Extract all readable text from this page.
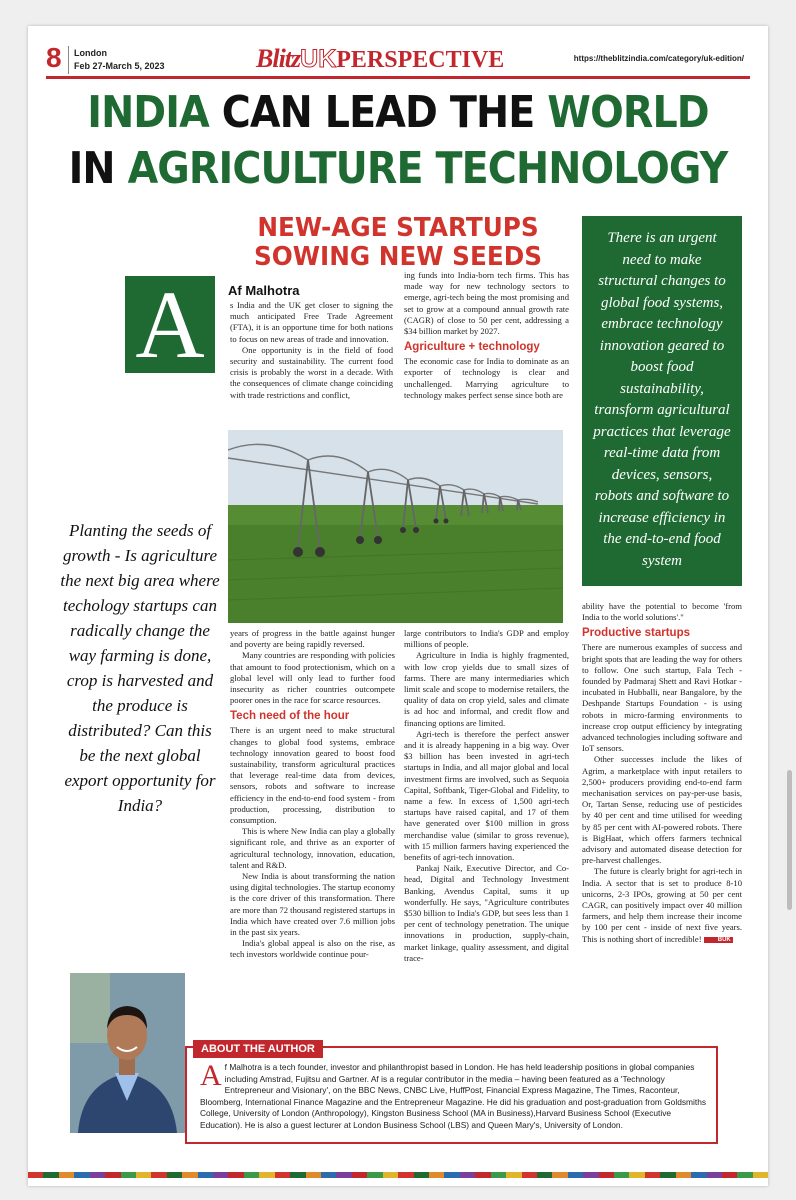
8 London
Feb 27-March 5, 2023	BlitzUKPERSPECTIVE	https://theblitzindia.com/category/uk-edition/
INDIA CAN LEAD THE WORLD
IN AGRICULTURE TECHNOLOGY
NEW-AGE STARTUPS
SOWING NEW SEEDS
A	Af Malhotra

s India and the UK get closer to signing the much anticipated Free Trade Agreement (FTA), it is an opportune time for both nations to focus on new areas of trade and innovation.

One opportunity is in the field of food security and sustainability. The current food crisis is probably the worst in a decade. With the consequences of climate change coinciding with trade restrictions and conflict,

ing funds into India-born tech firms. This has made way for new technology sectors to emerge, agri-tech being the most promising and set to grow at a compound annual growth rate (CAGR) of close to 50 per cent, addressing a $34 billion market by 2027.

Agriculture + technology

The economic case for India to dominate as an exporter of technology is clear and unchallenged. Marrying agriculture to technology makes perfect sense since both are

There is an urgent need to make structural changes to global food systems, embrace technology innovation geared to boost food sustainability, transform agricultural practices that leverage real-time data from devices, sensors, robots and software to increase efficiency in the end-to-end food system
Planting the seeds of growth - Is agriculture the next big area where techology startups can radically change the way farming is done, crop is harvested and the produce is distributed? Can this be the next global export opportunity for India?

years of progress in the battle against hunger and poverty are being rapidly reversed.

Many countries are responding with policies that amount to food protectionism, which on a global level will only lead to further food insecurity as richer countries outcompete poorer ones in the race for scarce resources.

Tech need of the hour

There is an urgent need to make structural changes to global food systems, embrace technology innovation geared to boost food sustainability, transform agricultural practices that leverage real-time data from devices, sensors, robots and software to increase efficiency in the end-to-end food system - from production, processing, distribution to consumption.

This is where New India can play a globally significant role, and thrive as an exporter of agricultural technology, innovation, education, talent and R&D.

New India is about transforming the nation using digital technologies. The startup economy is the core driver of this transformation. There are more than 72 thousand registered startups in India which have created over 7.6 million jobs in the past six years.

India's global appeal is also on the rise, as tech investors worldwide continue pour-

large contributors to India's GDP and employ millions of people.

Agriculture in India is highly fragmented, with low crop yields due to small sizes of farms. There are many intermediaries which limit scale and scope to modernise retailers, the quality of data on crop yield, sales and climate is ad hoc and informal, and credit flow and financing options are limited.

Agri-tech is therefore the perfect answer and it is already happening in a big way. Over $3 billion has been invested in agri-tech startups in India, and all major global and local investment firms are involved, such as Sequoia Capital, Softbank, Tiger-Global and Fidelity, to name a few. In excess of 1,500 agri-tech startups have raised capital, and 17 of them have generated over $100 million in gross merchandise value (similar to gross revenue), with 15 million farmers having experienced the benefits of agri-tech innovation.

Pankaj Naik, Executive Director, and Co-head, Digital and Technology Investment Banking, Avendus Capital, sums it up wonderfully. He says, "Agriculture contributes $530 billion to India's GDP, but sees less than 1 per cent of technology penetration. The unique innovations in production, supply-chain, market linkage, quality assessment, and digital trace-

ability have the potential to become 'from India to the world solutions'."

Productive startups

There are numerous examples of success and bright spots that are leading the way for others to follow. One such startup, Fala Tech - founded by Padmaraj Shett and Ravi Hotkar - incubated in Hubballi, near Bangalore, by the Deshpande Startups Foundation - is using robots in micro-farming environments to increase crop output efficiency by integrating advanced technologies including software and IoT sensors.

Other successes include the likes of Agrim, a marketplace with input retailers to 2,500+ producers providing end-to-end farm mechanisation services on pay-per-use basis, Or, Tartan Sense, reducing use of pesticides by 40 per cent and time utilised for weeding by 85 per cent with AI-powered robots. There is BigHaat, which offers farmers technical advisory and automated disease detection for pre-harvest challenges.

The future is clearly bright for agri-tech in India. A sector that is set to produce 8-10 unicorns, 2-3 IPOs, growing at 50 per cent CAGR, can positively impact over 40 million farmers, and help them increase their income by 100 per cent - inside of next five years. This is nothing short of incredible!	BUK

ABOUT THE AUTHOR
Af Malhotra is a tech founder, investor and philanthropist based in London. He has held leadership positions in global companies including Amstrad, Fujitsu and Gartner. Af is a regular contributor in the media – having been featured as a 'Technology Entrepreneur and Visionary', on the BBC News, CNBC Live, HuffPost, Financial Express Magazine, The Times, Raconteur, Bloomberg, International Finance Magazine and the Entrepreneur Magazine. He did his graduation and post-graduation from Goldsmiths College, University of London (Anthropology), Kingston Business School (MA in Business),Harvard Business School (Executive Education). He is also a guest lecturer at London Business School (LBS) and Queen Mary's, University of London.
